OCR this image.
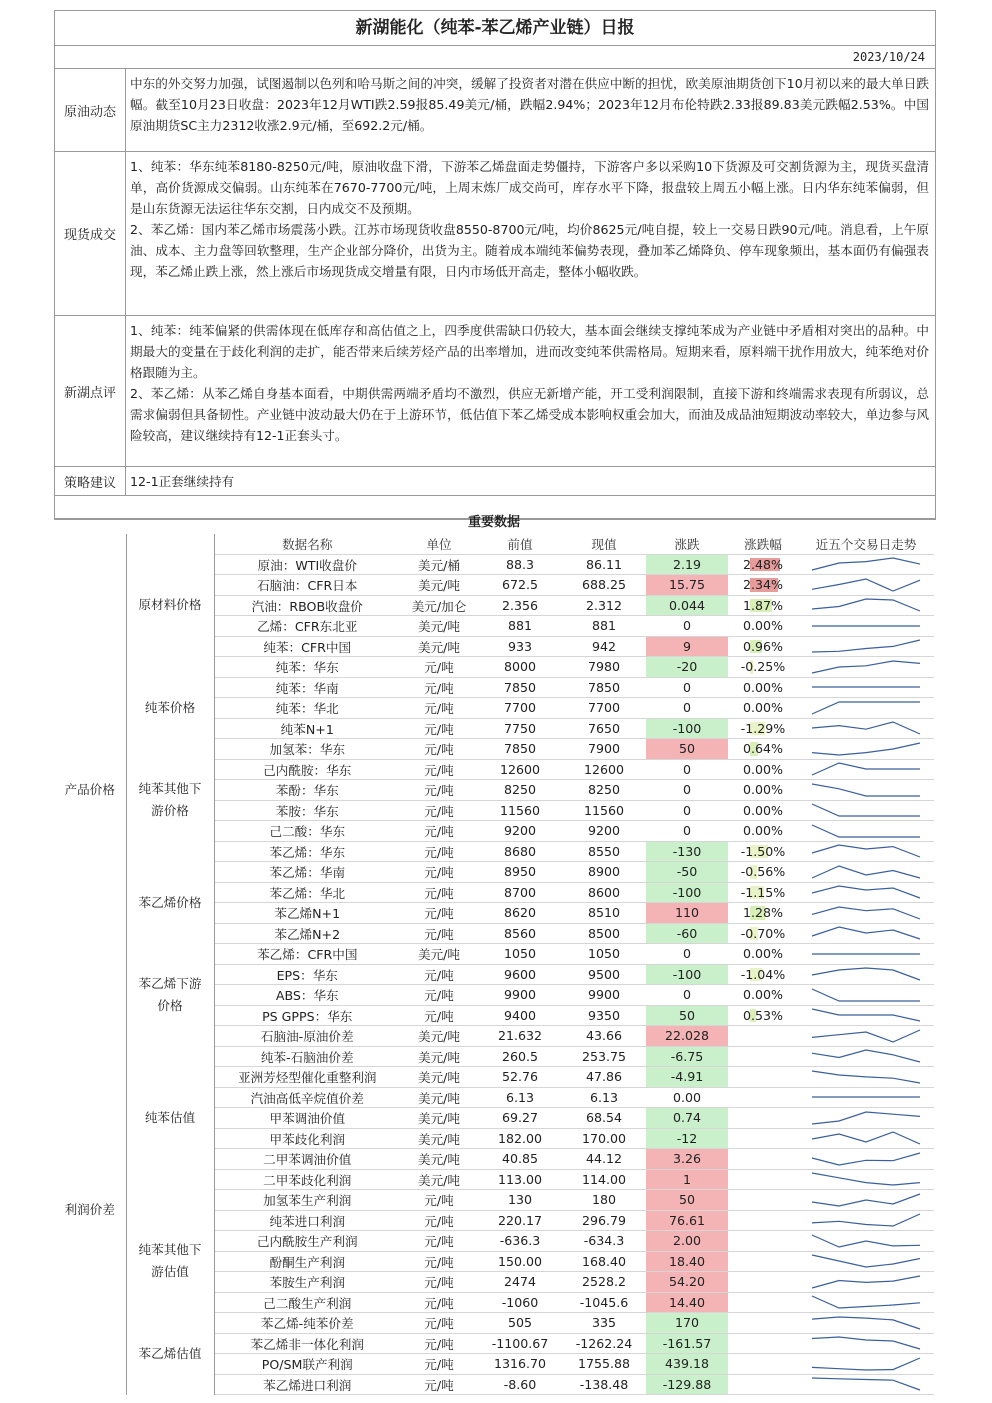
新湖能化（纯苯-苯乙烯产业链）日报
2023/10/24
原油动态

中东的外交努力加强，试图遏制以色列和哈马斯之间的冲突，缓解了投资者对潜在供应中断的担忧，欧美原油期货创下10月初以来的最大单日跌幅。截至10月23日收盘：2023年12月WTI跌2.59报85.49美元/桶，跌幅2.94%；2023年12月布伦特跌2.33报89.83美元跌幅2.53%。中国原油期货SC主力2312收涨2.9元/桶，至692.2元/桶。

现货成交

1、纯苯：华东纯苯8180-8250元/吨，原油收盘下滑，下游苯乙烯盘面走势僵持，下游客户多以采购10下货源及可交割货源为主，现货买盘清单，高价货源成交偏弱。山东纯苯在7670-7700元/吨，上周末炼厂成交尚可，库存水平下降，报盘较上周五小幅上涨。日内华东纯苯偏弱，但是山东货源无法运往华东交割，日内成交不及预期。

2、苯乙烯：国内苯乙烯市场震荡小跌。江苏市场现货收盘8550-8700元/吨，均价8625元/吨自提，较上一交易日跌90元/吨。消息看，上午原油、成本、主力盘等回软整理，生产企业部分降价，出货为主。随着成本端纯苯偏势表现，叠加苯乙烯降负、停车现象频出，基本面仍有偏强表现，苯乙烯止跌上涨，然上涨后市场现货成交增量有限，日内市场低开高走，整体小幅收跌。

新湖点评

1、纯苯：纯苯偏紧的供需体现在低库存和高估值之上，四季度供需缺口仍较大，基本面会继续支撑纯苯成为产业链中矛盾相对突出的品种。中期最大的变量在于歧化利润的走扩，能否带来后续芳烃产品的出率增加，进而改变纯苯供需格局。短期来看，原料端干扰作用放大，纯苯绝对价格跟随为主。

2、苯乙烯：从苯乙烯自身基本面看，中期供需两端矛盾均不激烈，供应无新增产能，开工受利润限制，直接下游和终端需求表现有所弱议，总需求偏弱但具备韧性。产业链中波动最大仍在于上游环节，低估值下苯乙烯受成本影响权重会加大，而油及成品油短期波动率较大，单边参与风险较高，建议继续持有12-1正套头寸。

策略建议	12-1正套继续持有

重要数据
		数据名称	单位	前值	现值	涨跌	涨跌幅	近五个交易日走势

产品价格	原材料价格	原油：WTI收盘价	美元/桶	88.3	86.11	2.19	2.48%	

		石脑油：CFR日本	美元/吨	672.5	688.25	15.75	2.34%	

		汽油：RBOB收盘价	美元/加仑	2.356	2.312	0.044	1.87%	

		乙烯：CFR东北亚	美元/吨	881	881	0	0.00%	

		纯苯：CFR中国	美元/吨	933	942	9	0.96%	

纯苯价格	纯苯：华东	元/吨	8000	7980	-20	-0.25%	

		纯苯：华南	元/吨	7850	7850	0	0.00%	

		纯苯：华北	元/吨	7700	7700	0	0.00%	

		纯苯N+1	元/吨	7750	7650	-100	-1.29%	

		加氢苯：华东	元/吨	7850	7900	50	0.64%	

纯苯其他下游价格	己内酰胺：华东	元/吨	12600	12600	0	0.00%	

		苯酚：华东	元/吨	8250	8250	0	0.00%	

		苯胺：华东	元/吨	11560	11560	0	0.00%	

		己二酸：华东	元/吨	9200	9200	0	0.00%	

苯乙烯价格	苯乙烯：华东	元/吨	8680	8550	-130	-1.50%	

		苯乙烯：华南	元/吨	8950	8900	-50	-0.56%	

		苯乙烯：华北	元/吨	8700	8600	-100	-1.15%	

		苯乙烯N+1	元/吨	8620	8510	110	1.28%	

		苯乙烯N+2	元/吨	8560	8500	-60	-0.70%	

		苯乙烯：CFR中国	美元/吨	1050	1050	0	0.00%	

苯乙烯下游价格	EPS：华东	元/吨	9600	9500	-100	-1.04%	

		ABS：华东	元/吨	9900	9900	0	0.00%	

		PS GPPS：华东	元/吨	9400	9350	50	0.53%	

利润价差	纯苯估值	石脑油-原油价差	美元/吨	21.632	43.66	22.028		

		纯苯-石脑油价差	美元/吨	260.5	253.75	-6.75		

		亚洲芳烃型催化重整利润	美元/吨	52.76	47.86	-4.91		

		汽油高低辛烷值价差	美元/吨	6.13	6.13	0.00		

		甲苯调油价值	美元/吨	69.27	68.54	0.74		

		甲苯歧化利润	美元/吨	182.00	170.00	-12		

		二甲苯调油价值	美元/吨	40.85	44.12	3.26		

		二甲苯歧化利润	美元/吨	113.00	114.00	1		

		加氢苯生产利润	元/吨	130	180	50		

纯苯其他下游估值	纯苯进口利润	元/吨	220.17	296.79	76.61		

		己内酰胺生产利润	元/吨	-636.3	-634.3	2.00		

		酚酮生产利润	元/吨	150.00	168.40	18.40		

		苯胺生产利润	元/吨	2474	2528.2	54.20		

		己二酸生产利润	元/吨	-1060	-1045.6	14.40		

苯乙烯估值	苯乙烯-纯苯价差	元/吨	505	335	170		

		苯乙烯非一体化利润	元/吨	-1100.67	-1262.24	-161.57		

		PO/SM联产利润	元/吨	1316.70	1755.88	439.18		

		苯乙烯进口利润	元/吨	-8.60	-138.48	-129.88		
